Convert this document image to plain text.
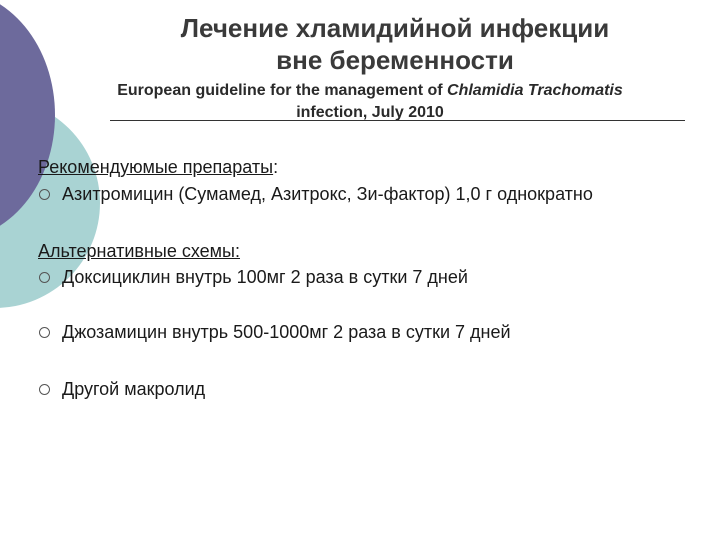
Лечение хламидийной инфекции
вне беременности
European guideline for the management of Chlamidia Trachomatis
infection, July 2010
Рекомендуюмые препараты:
Азитромицин (Сумамед, Азитрокс, Зи-фактор) 1,0 г однократно
Альтернативные схемы:
Доксициклин внутрь 100мг 2 раза в сутки 7 дней
Джозамицин внутрь 500-1000мг 2 раза в сутки 7 дней
Другой макролид
